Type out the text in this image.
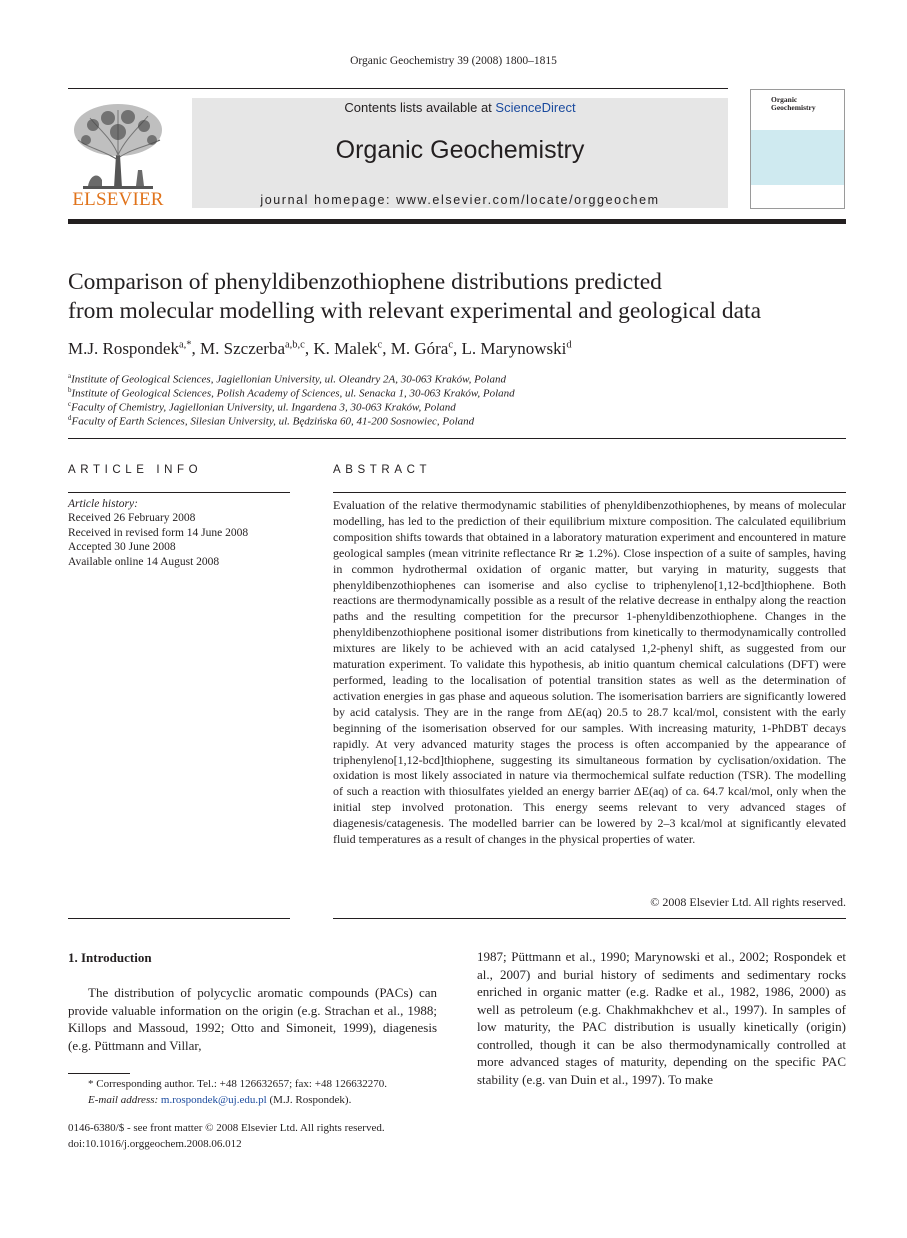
Organic Geochemistry 39 (2008) 1800–1815
ELSEVIER
Contents lists available at ScienceDirect
Organic Geochemistry
journal homepage: www.elsevier.com/locate/orggeochem
Organic
Geochemistry
Comparison of phenyldibenzothiophene distributions predicted
from molecular modelling with relevant experimental and geological data
M.J. Rospondek$^{a,*}$, M. Szczerba$^{a,b,c}$, K. Malek$^c$, M. Góra$^c$, L. Marynowski$^d$
$^a$Institute of Geological Sciences, Jagiellonian University, ul. Oleandry 2A, 30-063 Kraków, Poland
$^b$Institute of Geological Sciences, Polish Academy of Sciences, ul. Senacka 1, 30-063 Kraków, Poland
$^c$Faculty of Chemistry, Jagiellonian University, ul. Ingardena 3, 30-063 Kraków, Poland
$^d$Faculty of Earth Sciences, Silesian University, ul. Będzińska 60, 41-200 Sosnowiec, Poland
ARTICLE INFO
Article history:
Received 26 February 2008
Received in revised form 14 June 2008
Accepted 30 June 2008
Available online 14 August 2008
ABSTRACT

Evaluation of the relative thermodynamic stabilities of phenyldibenzothiophenes, by means of molecular modelling, has led to the prediction of their equilibrium mixture composition. The calculated equilibrium composition shifts towards that obtained in a laboratory maturation experiment and encountered in mature geological samples (mean vitrinite reflectance Rr ≳ 1.2%). Close inspection of a suite of samples, having in common hydrothermal oxidation of organic matter, but varying in maturity, suggests that phenyldibenzothiophenes can isomerise and also cyclise to triphenyleno[1,12-bcd]thiophene. Both reactions are thermodynamically possible as a result of the relative decrease in enthalpy along the reaction paths and the resulting competition for the precursor 1-phenyldibenzothiophene. Changes in the phenyldibenzothiophene positional isomer distributions from kinetically to thermodynamically controlled mixtures are likely to be achieved with an acid catalysed 1,2-phenyl shift, as suggested from our maturation experiment. To validate this hypothesis, ab initio quantum chemical calculations (DFT) were performed, leading to the localisation of potential transition states as well as the determination of activation energies in gas phase and aqueous solution. The isomerisation barriers are significantly lowered by acid catalysis. They are in the range from ΔE(aq) 20.5 to 28.7 kcal/mol, consistent with the early beginning of the isomerisation observed for our samples. With increasing maturity, 1-PhDBT decays rapidly. At very advanced maturity stages the process is often accompanied by the appearance of triphenyleno[1,12-bcd]thiophene, suggesting its simultaneous formation by cyclisation/oxidation. The oxidation is most likely associated in nature via thermochemical sulfate reduction (TSR). The modelling of such a reaction with thiosulfates yielded an energy barrier ΔE(aq) of ca. 64.7 kcal/mol, only when the initial step involved protonation. This energy seems relevant to very advanced stages of diagenesis/catagenesis. The modelled barrier can be lowered by 2–3 kcal/mol at significantly elevated fluid temperatures as a result of changes in the physical properties of water.

© 2008 Elsevier Ltd. All rights reserved.
1. Introduction
The distribution of polycyclic aromatic compounds (PACs) can provide valuable information on the origin (e.g. Strachan et al., 1988; Killops and Massoud, 1992; Otto and Simoneit, 1999), diagenesis (e.g. Püttmann and Villar,
1987; Püttmann et al., 1990; Marynowski et al., 2002; Rospondek et al., 2007) and burial history of sediments and sedimentary rocks enriched in organic matter (e.g. Radke et al., 1982, 1986, 2000) as well as petroleum (e.g. Chakhmakhchev et al., 1997). In samples of low maturity, the PAC distribution is usually kinetically (origin) controlled, though it can be also thermodynamically controlled at more advanced stages of maturity, depending on the specific PAC stability (e.g. van Duin et al., 1997). To make
* Corresponding author. Tel.: +48 126632657; fax: +48 126632270.
E-mail address: m.rospondek@uj.edu.pl (M.J. Rospondek).
0146-6380/$ - see front matter © 2008 Elsevier Ltd. All rights reserved.
doi:10.1016/j.orggeochem.2008.06.012
